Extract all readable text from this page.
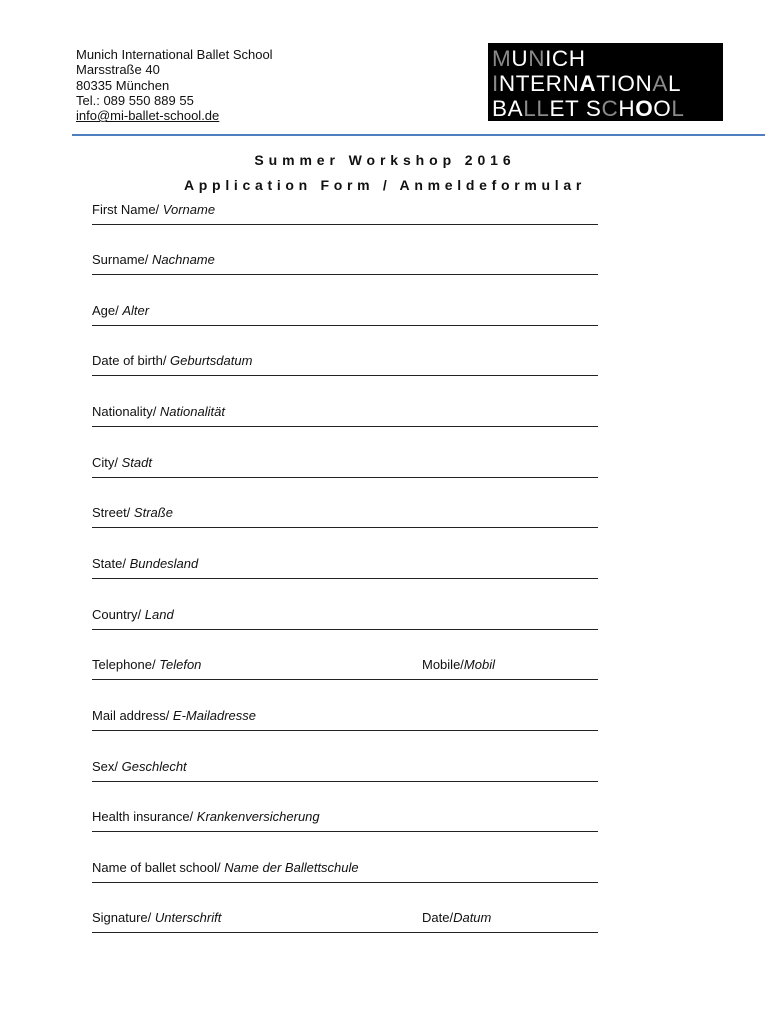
Munich International Ballet School
Marsstraße 40
80335 München
Tel.: 089 550 889 55
info@mi-ballet-school.de
MUNICH
INTERNATIONAL
BALLET SCHOOL
Summer Workshop 2016
Application Form / Anmeldeformular
First Name/ Vorname
Surname/ Nachname
Age/ Alter
Date of birth/ Geburtsdatum
Nationality/ Nationalität
City/ Stadt
Street/ Straße
State/ Bundesland
Country/ Land
Telephone/ Telefon	Mobile/Mobil
Mail address/ E-Mailadresse
Sex/ Geschlecht
Health insurance/ Krankenversicherung
Name of ballet school/ Name der Ballettschule
Signature/ Unterschrift	Date/Datum
